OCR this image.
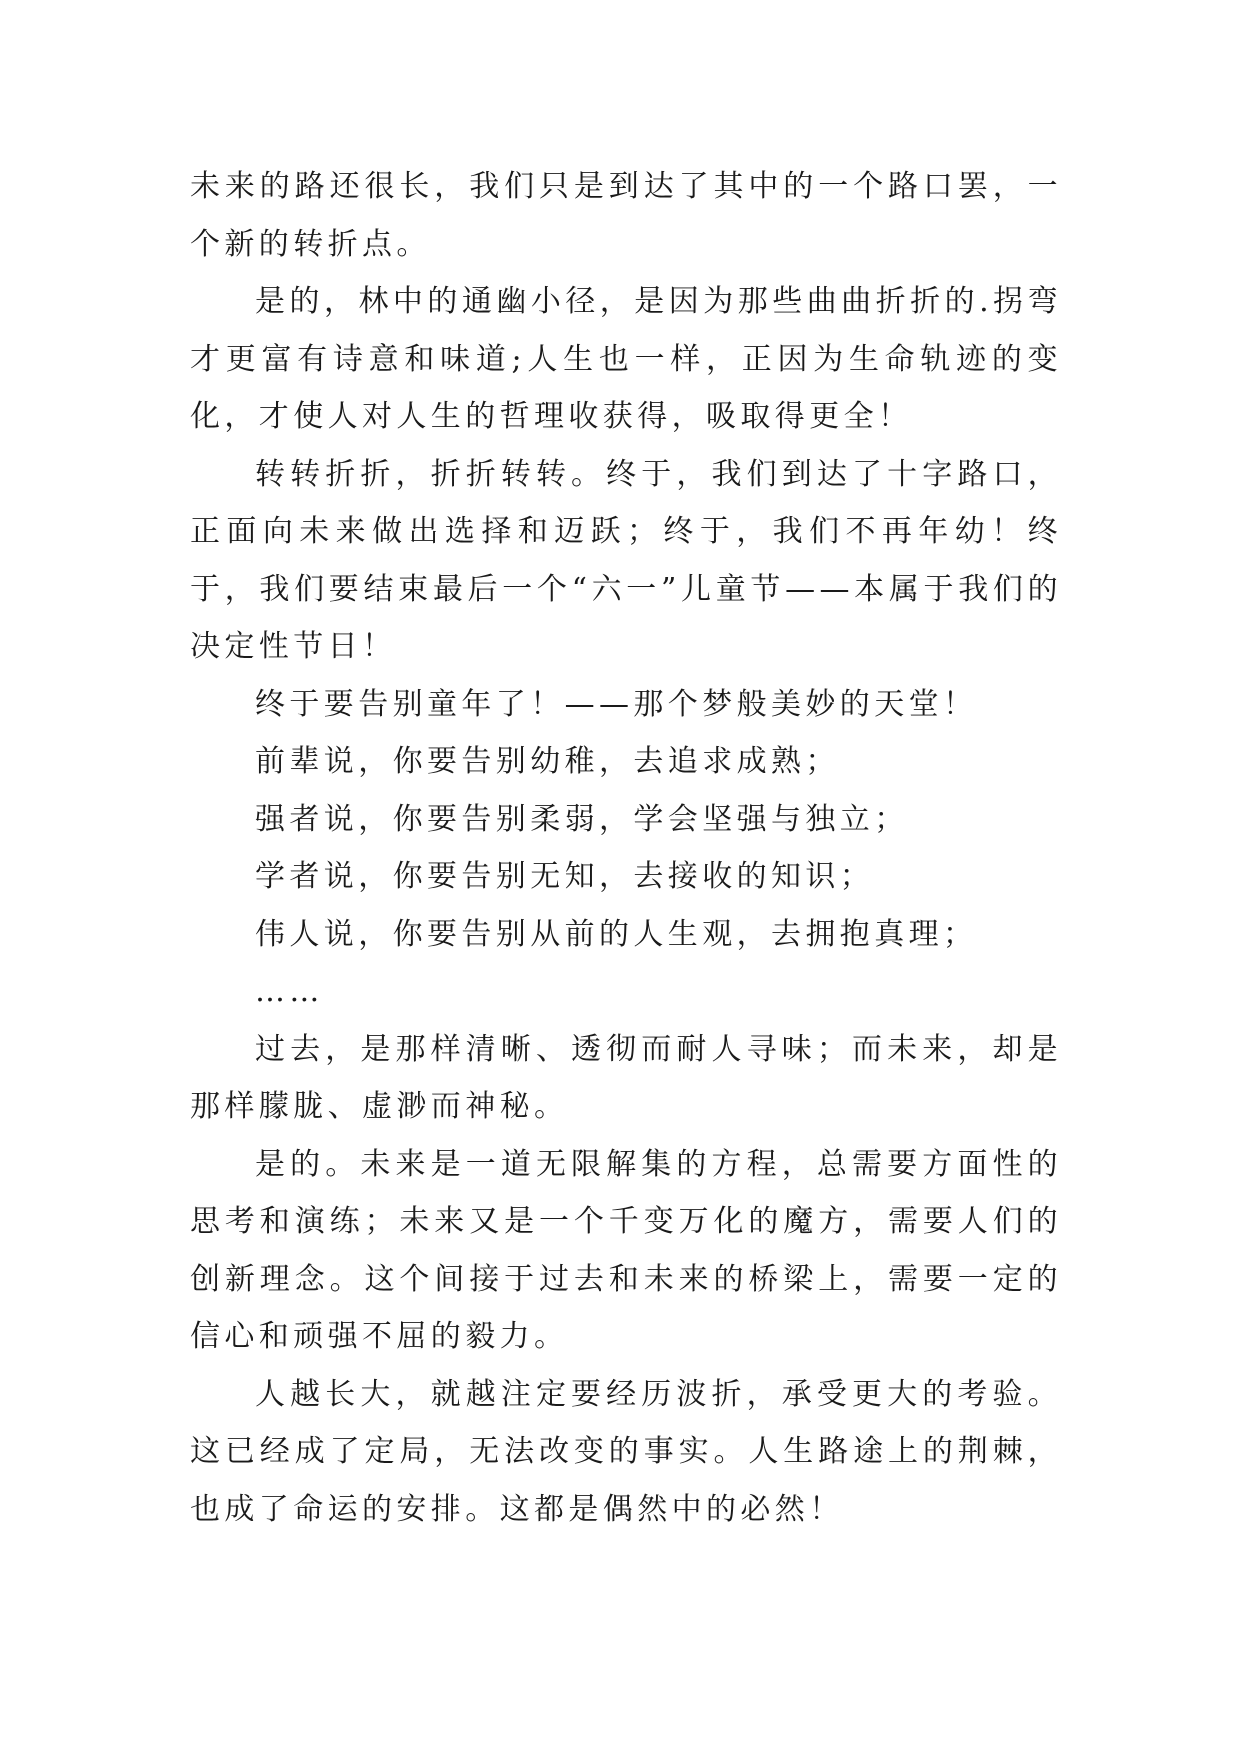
未来的路还很长，我们只是到达了其中的一个路口罢，一个新的转折点。

是的，林中的通幽小径，是因为那些曲曲折折的.拐弯才更富有诗意和味道;人生也一样，正因为生命轨迹的变化，才使人对人生的哲理收获得，吸取得更全！

转转折折，折折转转。终于，我们到达了十字路口，正面向未来做出选择和迈跃；终于，我们不再年幼！终于，我们要结束最后一个“六一”儿童节——本属于我们的决定性节日！

终于要告别童年了！——那个梦般美妙的天堂！

前辈说，你要告别幼稚，去追求成熟；

强者说，你要告别柔弱，学会坚强与独立；

学者说，你要告别无知，去接收的知识；

伟人说，你要告别从前的人生观，去拥抱真理；

……

过去，是那样清晰、透彻而耐人寻味；而未来，却是那样朦胧、虚渺而神秘。

是的。未来是一道无限解集的方程，总需要方面性的思考和演练；未来又是一个千变万化的魔方，需要人们的创新理念。这个间接于过去和未来的桥梁上，需要一定的信心和顽强不屈的毅力。

人越长大，就越注定要经历波折，承受更大的考验。这已经成了定局，无法改变的事实。人生路途上的荆棘，也成了命运的安排。这都是偶然中的必然！
